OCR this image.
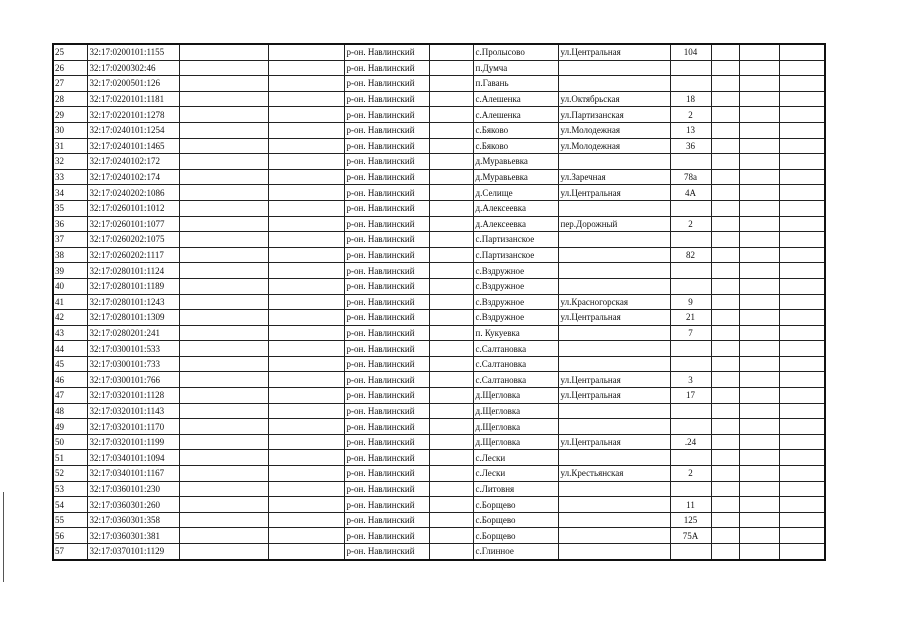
25	32:17:0200101:1155			р-он. Навлинский		с.Пролысово	ул.Центральная	104			
26	32:17:0200302:46			р-он. Навлинский		п.Думча					
27	32:17:0200501:126			р-он. Навлинский		п.Гавань					
28	32:17:0220101:1181			р-он. Навлинский		с.Алешенка	ул.Октябрьская	18			
29	32:17:0220101:1278			р-он. Навлинский		с.Алешенка	ул.Партизанская	2			
30	32:17:0240101:1254			р-он. Навлинский		с.Бяково	ул.Молодежная	13			
31	32:17:0240101:1465			р-он. Навлинский		с.Бяково	ул.Молодежная	36			
32	32:17:0240102:172			р-он. Навлинский		д.Муравьевка					
33	32:17:0240102:174			р-он. Навлинский		д.Муравьевка	ул.Заречная	78а			
34	32:17:0240202:1086			р-он. Навлинский		д.Селище	ул.Центральная	4А			
35	32:17:0260101:1012			р-он. Навлинский		д.Алексеевка					
36	32:17:0260101:1077			р-он. Навлинский		д.Алексеевка	пер.Дорожный	2			
37	32:17:0260202:1075			р-он. Навлинский		с.Партизанское					
38	32:17:0260202:1117			р-он. Навлинский		с.Партизанское		82			
39	32:17:0280101:1124			р-он. Навлинский		с.Вздружное					
40	32:17:0280101:1189			р-он. Навлинский		с.Вздружное					
41	32:17:0280101:1243			р-он. Навлинский		с.Вздружное	ул.Красногорская	9			
42	32:17:0280101:1309			р-он. Навлинский		с.Вздружное	ул.Центральная	21			
43	32:17:0280201:241			р-он. Навлинский		п. Кукуевка		7			
44	32:17:0300101:533			р-он. Навлинский		с.Салтановка					
45	32:17:0300101:733			р-он. Навлинский		с.Салтановка					
46	32:17:0300101:766			р-он. Навлинский		с.Салтановка	ул.Центральная	3			
47	32:17:0320101:1128			р-он. Навлинский		д.Щегловка	ул.Центральная	17			
48	32:17:0320101:1143			р-он. Навлинский		д.Щегловка					
49	32:17:0320101:1170			р-он. Навлинский		д.Щегловка					
50	32:17:0320101:1199			р-он. Навлинский		д.Щегловка	ул.Центральная	.24			
51	32:17:0340101:1094			р-он. Навлинский		с.Лески					
52	32:17:0340101:1167			р-он. Навлинский		с.Лески	ул.Крестьянская	2			
53	32:17:0360101:230			р-он. Навлинский		с.Литовня					
54	32:17:0360301:260			р-он. Навлинский		с.Борщево		11			
55	32:17:0360301:358			р-он. Навлинский		с.Борщево		125			
56	32:17:0360301:381			р-он. Навлинский		с.Борщево		75А			
57	32:17:0370101:1129			р-он. Навлинский		с.Глинное					
